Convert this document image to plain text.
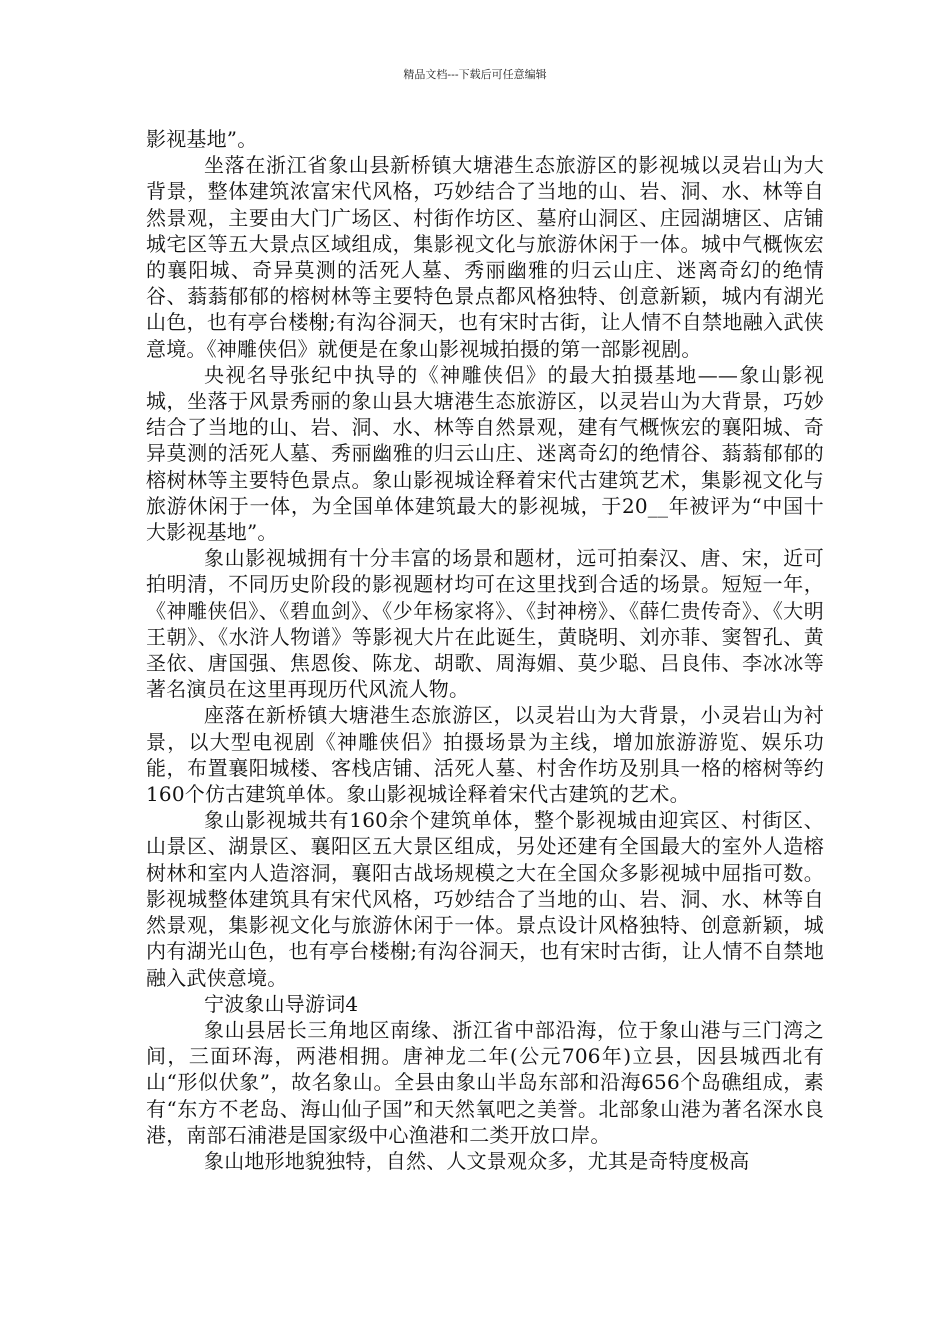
精品文档---下载后可任意编辑

影视基地”。

坐落在浙江省象山县新桥镇大塘港生态旅游区的影视城以灵岩山为大背景，整体建筑浓富宋代风格，巧妙结合了当地的山、岩、洞、水、林等自然景观，主要由大门广场区、村街作坊区、墓府山洞区、庄园湖塘区、店铺城宅区等五大景点区域组成，集影视文化与旅游休闲于一体。城中气概恢宏的襄阳城、奇异莫测的活死人墓、秀丽幽雅的归云山庄、迷离奇幻的绝情谷、蓊蓊郁郁的榕树林等主要特色景点都风格独特、创意新颖，城内有湖光山色，也有亭台楼榭;有沟谷洞天，也有宋时古街，让人情不自禁地融入武侠意境。《神雕侠侣》就便是在象山影视城拍摄的第一部影视剧。

央视名导张纪中执导的《神雕侠侣》的最大拍摄基地——象山影视城，坐落于风景秀丽的象山县大塘港生态旅游区，以灵岩山为大背景，巧妙结合了当地的山、岩、洞、水、林等自然景观，建有气概恢宏的襄阳城、奇异莫测的活死人墓、秀丽幽雅的归云山庄、迷离奇幻的绝情谷、蓊蓊郁郁的榕树林等主要特色景点。象山影视城诠释着宋代古建筑艺术，集影视文化与旅游休闲于一体，为全国单体建筑最大的影视城，于20__年被评为“中国十大影视基地”。

象山影视城拥有十分丰富的场景和题材，远可拍秦汉、唐、宋，近可拍明清，不同历史阶段的影视题材均可在这里找到合适的场景。短短一年，《神雕侠侣》、《碧血剑》、《少年杨家将》、《封神榜》、《薛仁贵传奇》、《大明王朝》、《水浒人物谱》等影视大片在此诞生，黄晓明、刘亦菲、窦智孔、黄圣依、唐国强、焦恩俊、陈龙、胡歌、周海媚、莫少聪、吕良伟、李冰冰等著名演员在这里再现历代风流人物。

座落在新桥镇大塘港生态旅游区，以灵岩山为大背景，小灵岩山为衬景，以大型电视剧《神雕侠侣》拍摄场景为主线，增加旅游游览、娱乐功能，布置襄阳城楼、客栈店铺、活死人墓、村舍作坊及别具一格的榕树等约160个仿古建筑单体。象山影视城诠释着宋代古建筑的艺术。

象山影视城共有160余个建筑单体，整个影视城由迎宾区、村街区、山景区、湖景区、襄阳区五大景区组成，另处还建有全国最大的室外人造榕树林和室内人造溶洞，襄阳古战场规模之大在全国众多影视城中屈指可数。影视城整体建筑具有宋代风格，巧妙结合了当地的山、岩、洞、水、林等自然景观，集影视文化与旅游休闲于一体。景点设计风格独特、创意新颖，城内有湖光山色，也有亭台楼榭;有沟谷洞天，也有宋时古街，让人情不自禁地融入武侠意境。

宁波象山导游词4

象山县居长三角地区南缘、浙江省中部沿海，位于象山港与三门湾之间，三面环海，两港相拥。唐神龙二年(公元706年)立县，因县城西北有山“形似伏象”，故名象山。全县由象山半岛东部和沿海656个岛礁组成，素有“东方不老岛、海山仙子国”和天然氧吧之美誉。北部象山港为著名深水良港，南部石浦港是国家级中心渔港和二类开放口岸。

象山地形地貌独特，自然、人文景观众多，尤其是奇特度极高
